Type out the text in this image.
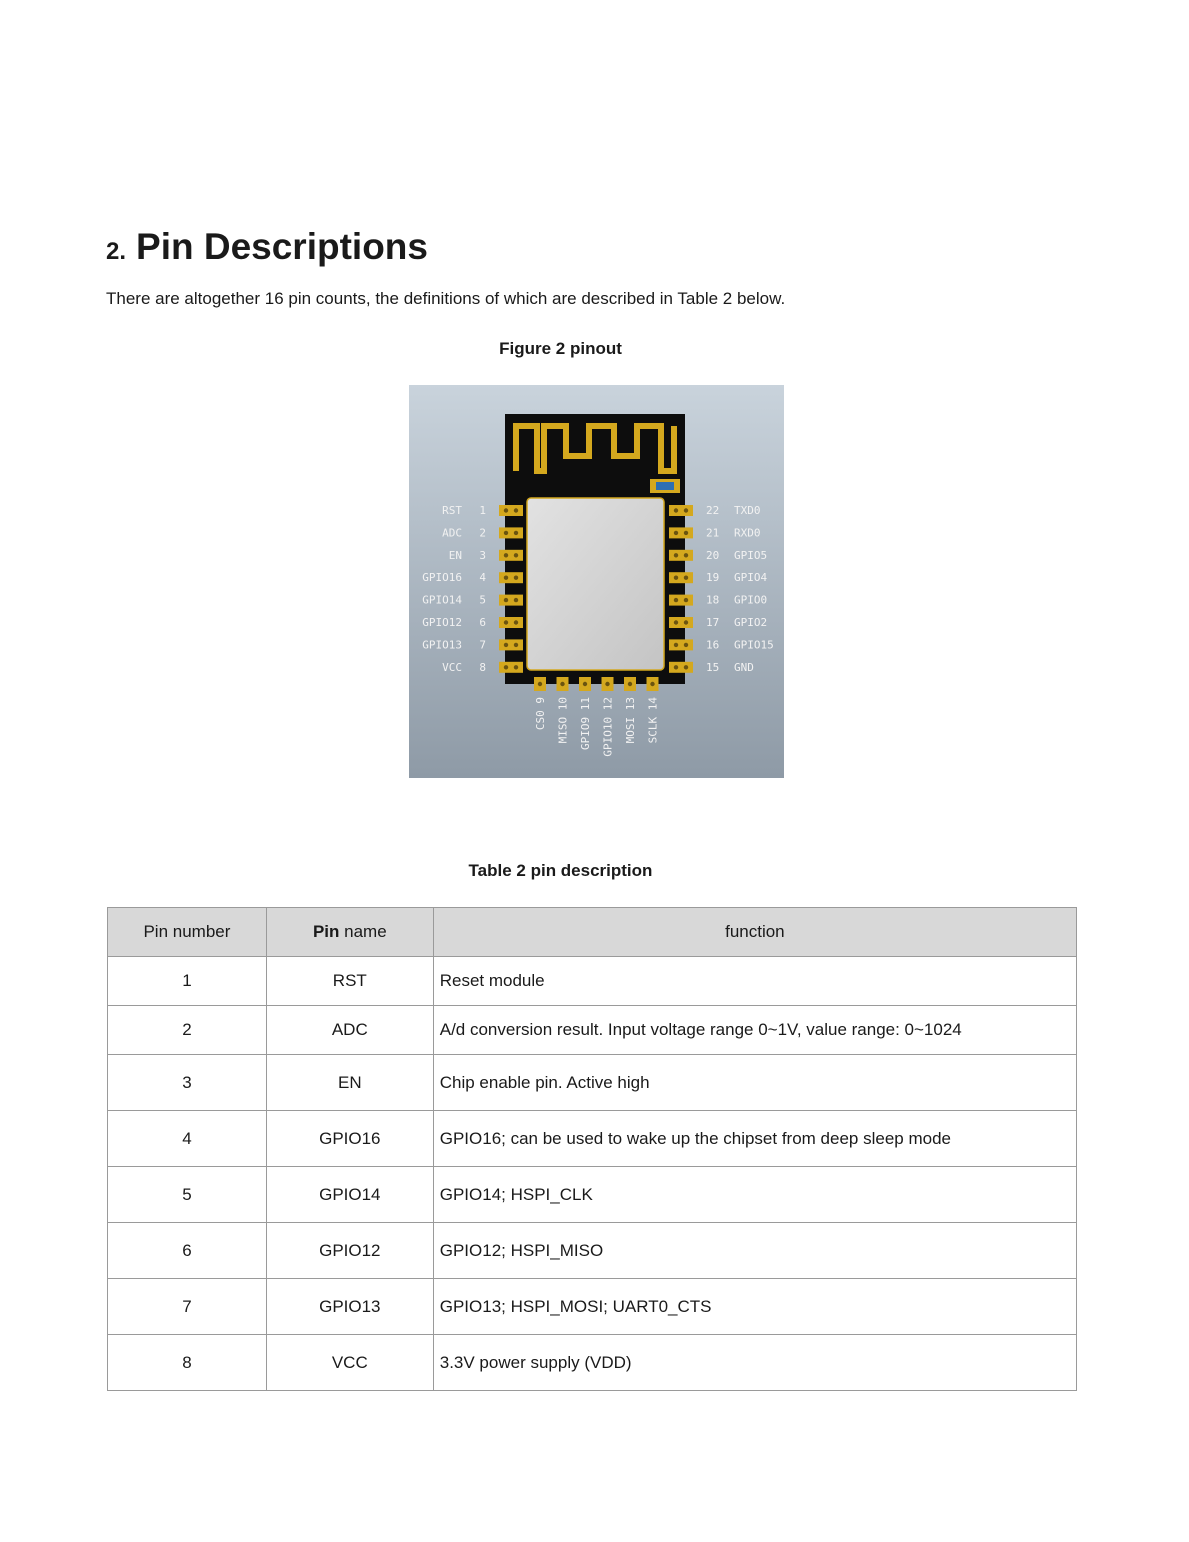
2. Pin Descriptions

There are altogether 16 pin counts, the definitions of which are described in Table 2 below.

Figure 2 pinout

RST 1
ADC 2
EN 3
GPIO16 4
GPIO14 5
GPIO12 6
GPIO13 7
VCC 8
22 TXD0
21 RXD0
20 GPIO5
19 GPIO4
18 GPIO0
17 GPIO2
16 GPIO15
15 GND
CS0 9 MISO 10 GPIO9 11 GPIO10 12 MOSI 13 SCLK 14

Table 2 pin description

Pin number	Pin name	function
1	RST	Reset module
2	ADC	A/d conversion result. Input voltage range 0~1V, value range: 0~1024
3	EN	Chip enable pin. Active high
4	GPIO16	GPIO16; can be used to wake up the chipset from deep sleep mode
5	GPIO14	GPIO14; HSPI_CLK
6	GPIO12	GPIO12; HSPI_MISO
7	GPIO13	GPIO13; HSPI_MOSI; UART0_CTS
8	VCC	3.3V power supply (VDD)
